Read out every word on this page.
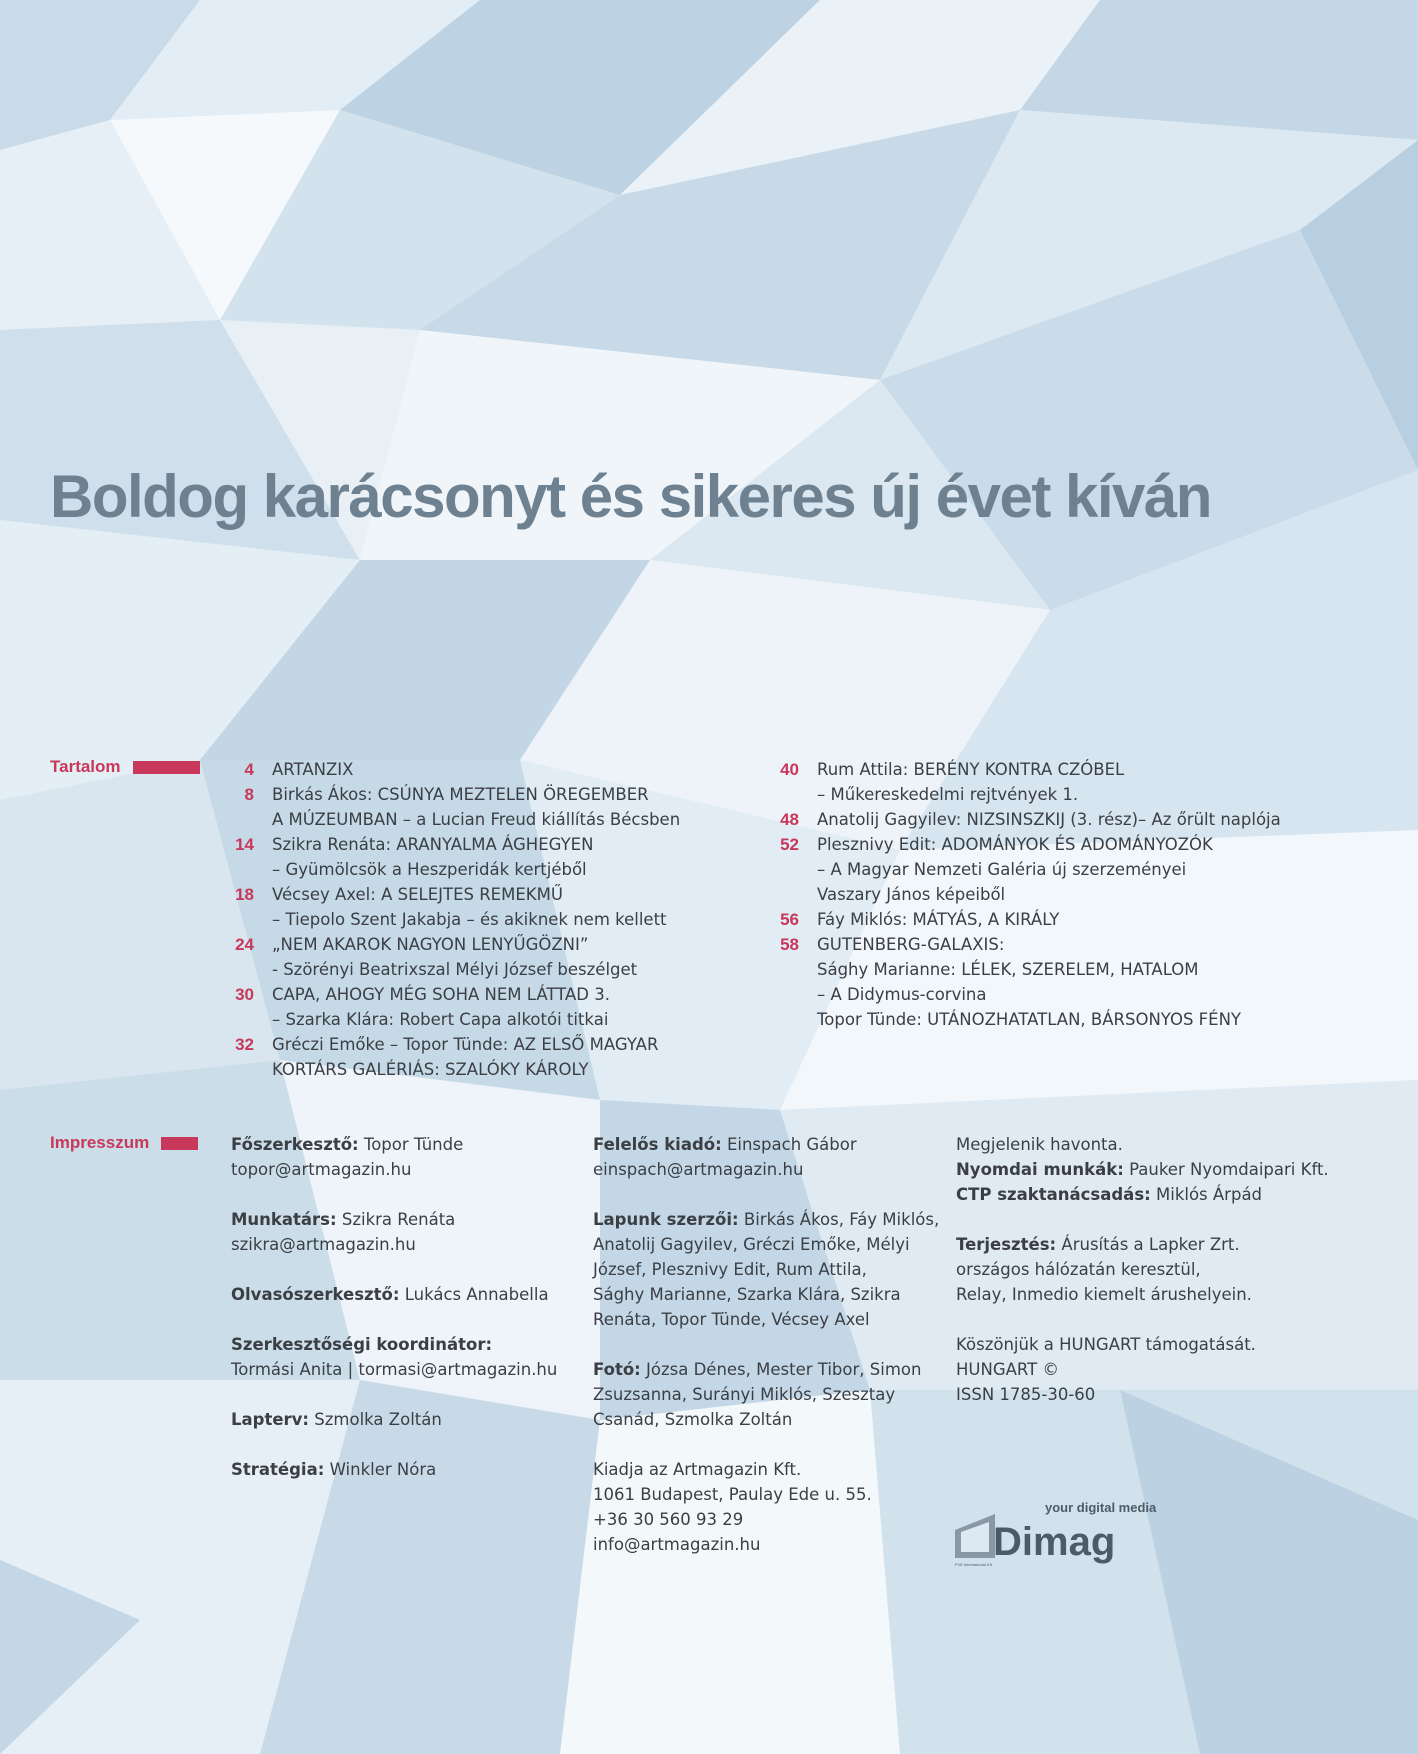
Boldog karácsonyt és sikeres új évet kíván
Tartalom	4 ARTANZIX
8 Birkás Ákos: CSÚNYA MEZTELEN ÖREGEMBER
A MÚZEUMBAN – a Lucian Freud kiállítás Bécsben
14 Szikra Renáta: ARANYALMA ÁGHEGYEN
– Gyümölcsök a Heszperidák kertjéből
18 Vécsey Axel: A SELEJTES REMEKMŰ
– Tiepolo Szent Jakabja – és akiknek nem kellett
24 „NEM AKAROK NAGYON LENYŰGÖZNI”
- Szörényi Beatrixszal Mélyi József beszélget
30 CAPA, AHOGY MÉG SOHA NEM LÁTTAD 3.
– Szarka Klára: Robert Capa alkotói titkai
32 Gréczi Emőke – Topor Tünde: AZ ELSŐ MAGYAR
KORTÁRS GALÉRIÁS: SZALÓKY KÁROLY
40 Rum Attila: BERÉNY KONTRA CZÓBEL
– Műkereskedelmi rejtvények 1.
48 Anatolij Gagyilev: NIZSINSZKIJ (3. rész)– Az őrült naplója
52 Plesznivy Edit: ADOMÁNYOK ÉS ADOMÁNYOZÓK
– A Magyar Nemzeti Galéria új szerzeményei
Vaszary János képeiből
56 Fáy Miklós: MÁTYÁS, A KIRÁLY
58 GUTENBERG-GALAXIS:
Sághy Marianne: LÉLEK, SZERELEM, HATALOM
– A Didymus-corvina
Topor Tünde: UTÁNOZHATATLAN, BÁRSONYOS FÉNY
Impresszum	Főszerkesztő: Topor Tünde
topor@artmagazin.hu
Munkatárs: Szikra Renáta
szikra@artmagazin.hu
Olvasószerkesztő: Lukács Annabella
Szerkesztőségi koordinátor:
Tormási Anita | tormasi@artmagazin.hu
Lapterv: Szmolka Zoltán
Stratégia: Winkler Nóra
Felelős kiadó: Einspach Gábor
einspach@artmagazin.hu
Lapunk szerzői: Birkás Ákos, Fáy Miklós,
Anatolij Gagyilev, Gréczi Emőke, Mélyi
József, Plesznivy Edit, Rum Attila,
Sághy Marianne, Szarka Klára, Szikra
Renáta, Topor Tünde, Vécsey Axel
Fotó: Józsa Dénes, Mester Tibor, Simon
Zsuzsanna, Surányi Miklós, Szesztay
Csanád, Szmolka Zoltán
Kiadja az Artmagazin Kft.
1061 Budapest, Paulay Ede u. 55.
+36 30 560 93 29
info@artmagazin.hu
Megjelenik havonta.
Nyomdai munkák: Pauker Nyomdaipari Kft.
CTP szaktanácsadás: Miklós Árpád
Terjesztés: Árusítás a Lapker Zrt.
országos hálózatán keresztül,
Relay, Inmedio kiemelt árushelyein.
Köszönjük a HUNGART támogatását.
HUNGART ©
ISSN 1785-30-60
your digital media
Dimag
FVE International Kft.
